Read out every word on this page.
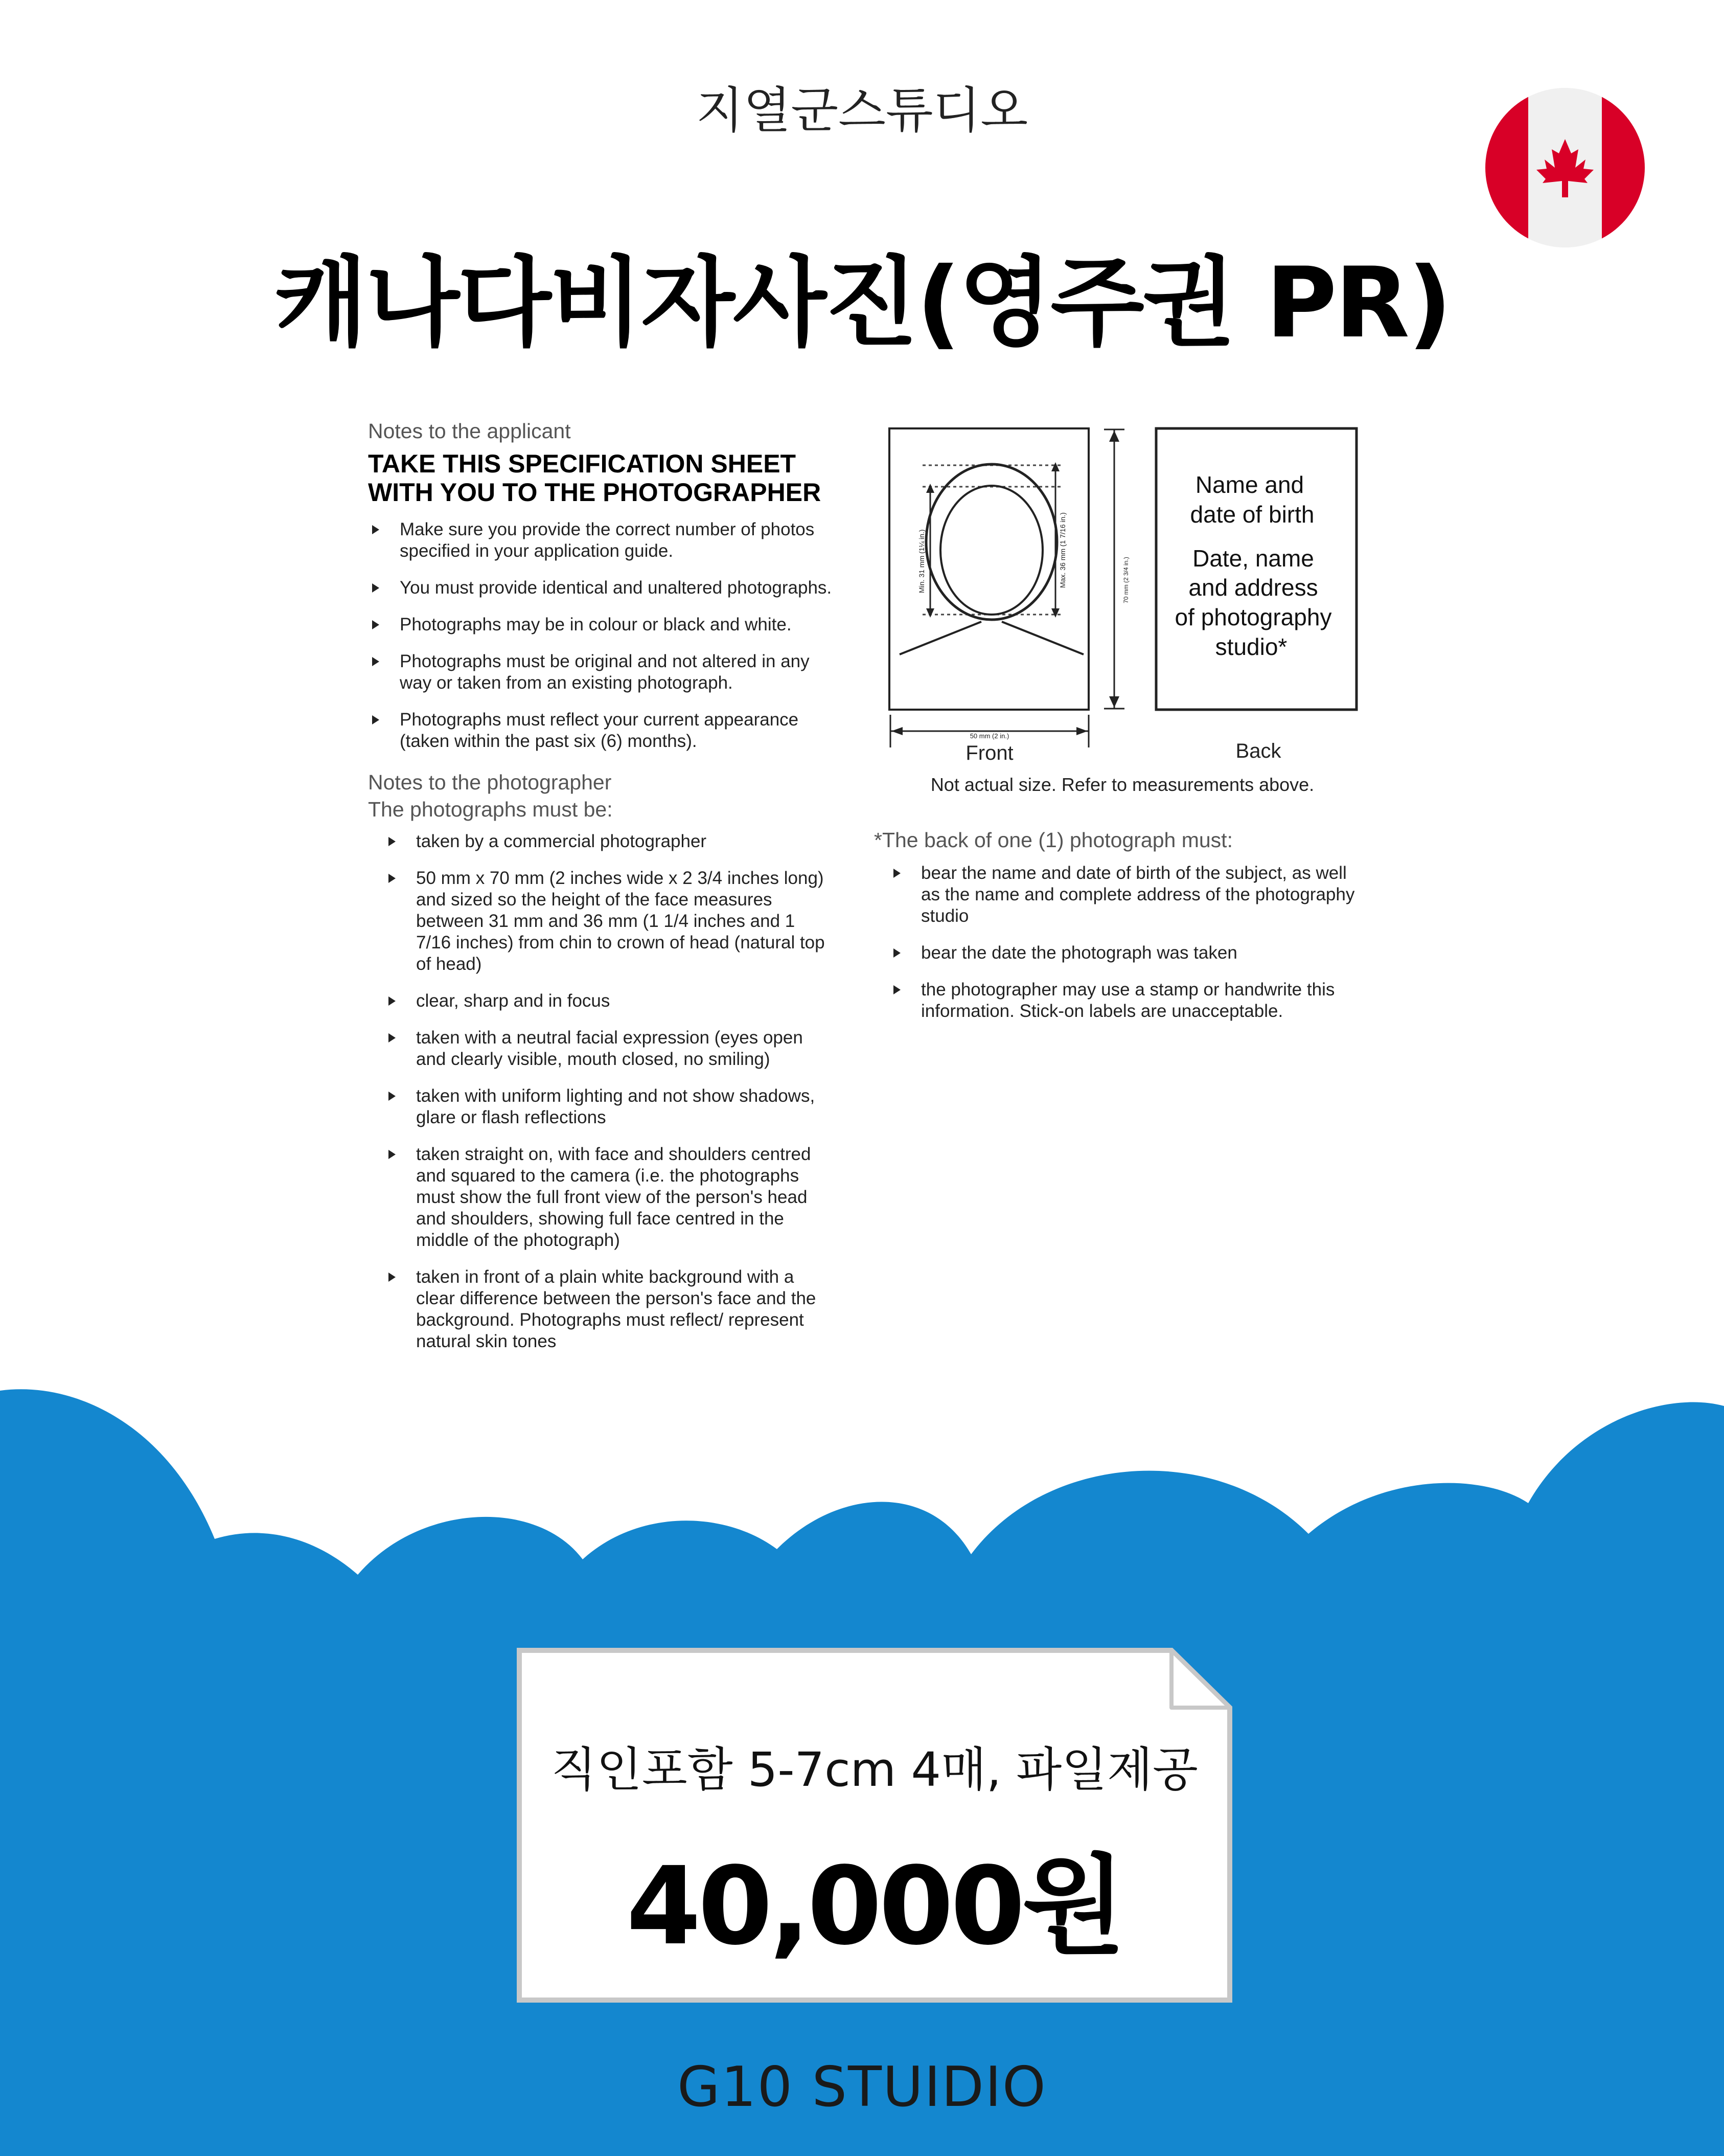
지열군스튜디오
캐나다비자사진(영주권 PR)
Notes to the applicant
TAKE THIS SPECIFICATION SHEET
WITH YOU TO THE PHOTOGRAPHER
Make sure you provide the correct number of photos specified in your application guide.
You must provide identical and unaltered photographs.
Photographs may be in colour or black and white.
Photographs must be original and not altered in any way or taken from an existing photograph.
Photographs must reflect your current appearance (taken within the past six (6) months).
Notes to the photographer
The photographs must be:
taken by a commercial photographer
50 mm x 70 mm (2 inches wide x 2 3/4 inches long) and sized so the height of the face measures between 31 mm and 36 mm (1 1/4 inches and 1 7/16 inches) from chin to crown of head (natural top of head)
clear, sharp and in focus
taken with a neutral facial expression (eyes open and clearly visible, mouth closed, no smiling)
taken with uniform lighting and not show shadows, glare or flash reflections
taken straight on, with face and shoulders centred and squared to the camera (i.e. the photographs must show the full front view of the person's head and shoulders, showing full face centred in the middle of the photograph)
taken in front of a plain white background with a clear difference between the person's face and the background. Photographs must reflect/ represent natural skin tones
Min. 31 mm (1¼ in.)	Max. 36 mm (1 7/16 in.)	70 mm (2 3/4 in.)
50 mm (2 in.)
Front
Name and
date of birth
Date, name
and address
of photography
studio*
Back
Not actual size. Refer to measurements above.
*The back of one (1) photograph must:
bear the name and date of birth of the subject, as well as the name and complete address of the photography studio
bear the date the photograph was taken
the photographer may use a stamp or handwrite this information. Stick-on labels are unacceptable.
직인포함 5-7cm 4매, 파일제공
40,000원
G10 STUIDIO
